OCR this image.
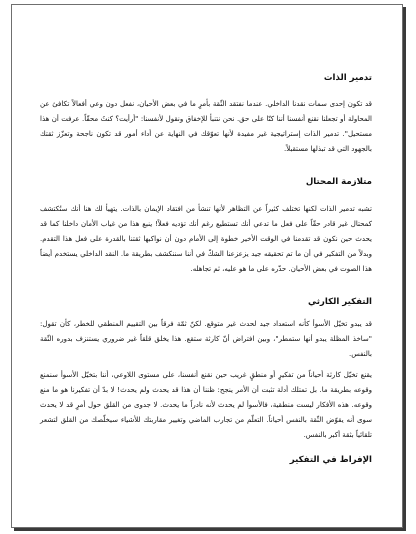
تدمير الذات

قد تكون إحدى سمات نقدنا الداخلي. عندما نفتقد الثّقة بأمرٍ ما في بعض الأحيان، نفعل دون وعي أفعالاً تكافئ عن المحاولة أو تجعلنا نقنع أنفسنا أننا كنّا على حق. نحن نتنبأ للإخفاق ونقول لأنفسنا: "أرأيت؟ كنتُ محقّاً. عرفت أن هذا مستحيل". تدمير الذات إستراتيجية غير مفيدة لأنها تعوّقك في النهاية عن أداء أمور قد تكون ناجحة وتعزّز ثقتك بالجهود التي قد تبذلها مستقبلاً.

متلازمة المحتال

تشبه تدمير الذات لكنها تختلف كثيراً عن التظاهر لأنها تنشأ من افتقاد الإيمان بالذات. يتهيأ لك هنا أنك ستُكتشف كمحتال غير قادر حقّاً على فعل ما تدعي أنك تستطيع رغم أنك تؤديه فعلاً! ينبع هذا من غياب الأمان داخلنا كما قد يحدث حين نكون قد تقدمنا في الوقت الأخير خطوة إلى الأمام دون أن نواكبها ثقتنا بالقدرة على فعل هذا التقدم. وبدلاً من التفكير في أن ما تم تحقيقه جيد يزعزعنا الشكّ في أننا سننكشف بطريقة ما. النقد الداخلي يستخدم أيضاً هذا الصوت في بعض الأحيان. حذّره على ما هو عليه، ثم تجاهله.

التفكير الكارثي

قد يبدو تخيّل الأسوأ كأنه استعداد جيد لحدث غير متوقع. لكنّ ثمّة فرقاً بين التقييم المنطقي للخطر، كأن تقول: "ساخذ المظلة يبدو أنها ستمطر"، وبين افتراض أنّ كارثة ستقع. هذا يخلق قلقاً غير ضروري يستنزف بدوره الثّقة بالنفس.

يقنع تخيّل كارثة أحياناً من تفكيرٍ أو منطقٍ غريب حين نقنع أنفسنا، على مستوى اللاوعي، أننا بتخيّل الأسوأ سنمنع وقوعه بطريقة ما. بل تمتلك أدلة تثبت أن الأمر ينجح: ظننا أن هذا قد يحدث ولم يحدث! لا بدّ أن تفكيرنا هو ما منع وقوعه. هذه الأفكار ليست منطقية، فالأسوأ لم يحدث لأنه نادراً ما يحدث. لا جدوى من القلق حول أمرٍ قد لا يحدث سوى أنه يقوّض الثّقة بالنفس أحياناً. التعلّم من تجارب الماضي وتغيير مقاربتك للأشياء سيخلّصك من القلق لتشعر تلقائياً بثقة أكبر بالنفس.

الإفراط في التفكير
